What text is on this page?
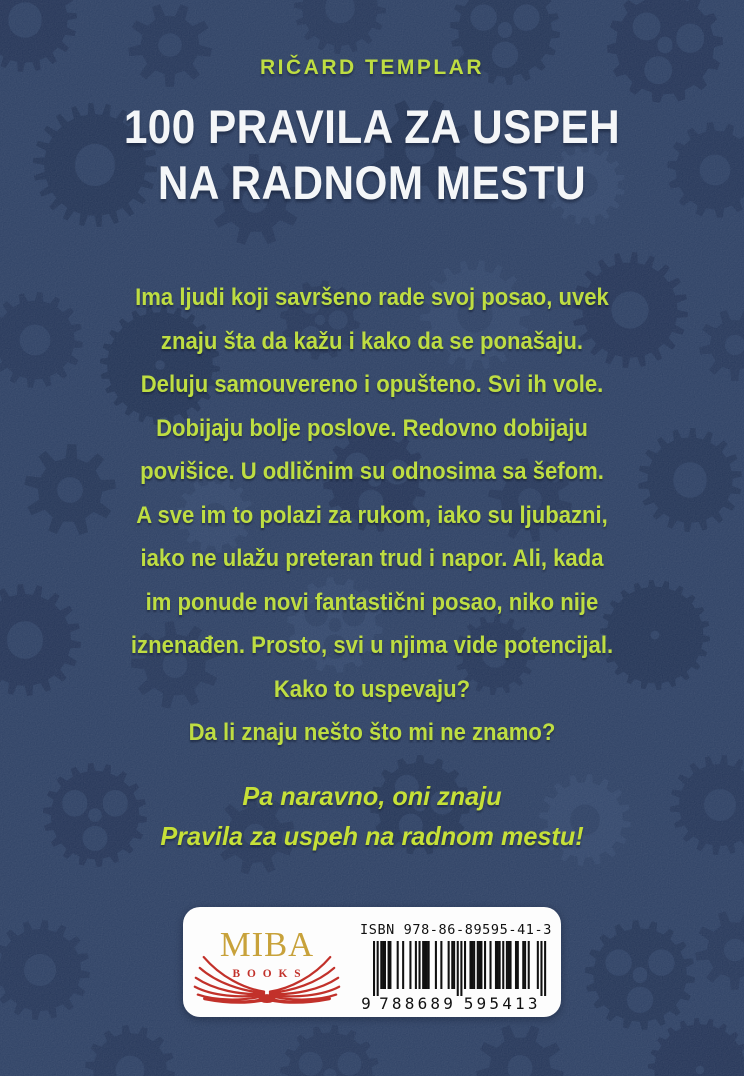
RIČARD TEMPLAR
100 PRAVILA ZA USPEH
NA RADNOM MESTU
Ima ljudi koji savršeno rade svoj posao, uvek
znaju šta da kažu i kako da se ponašaju.
Deluju samouvereno i opušteno. Svi ih vole.
Dobijaju bolje poslove. Redovno dobijaju
povišice. U odličnim su odnosima sa šefom.
A sve im to polazi za rukom, iako su ljubazni,
iako ne ulažu preteran trud i napor. Ali, kada
im ponude novi fantastični posao, niko nije
iznenađen. Prosto, svi u njima vide potencijal.
Kako to uspevaju?
Da li znaju nešto što mi ne znamo?
Pa naravno, oni znaju
Pravila za uspeh na radnom mestu!
MIBA
BOOKS
ISBN 978-86-89595-41-3
9 788689 595413
